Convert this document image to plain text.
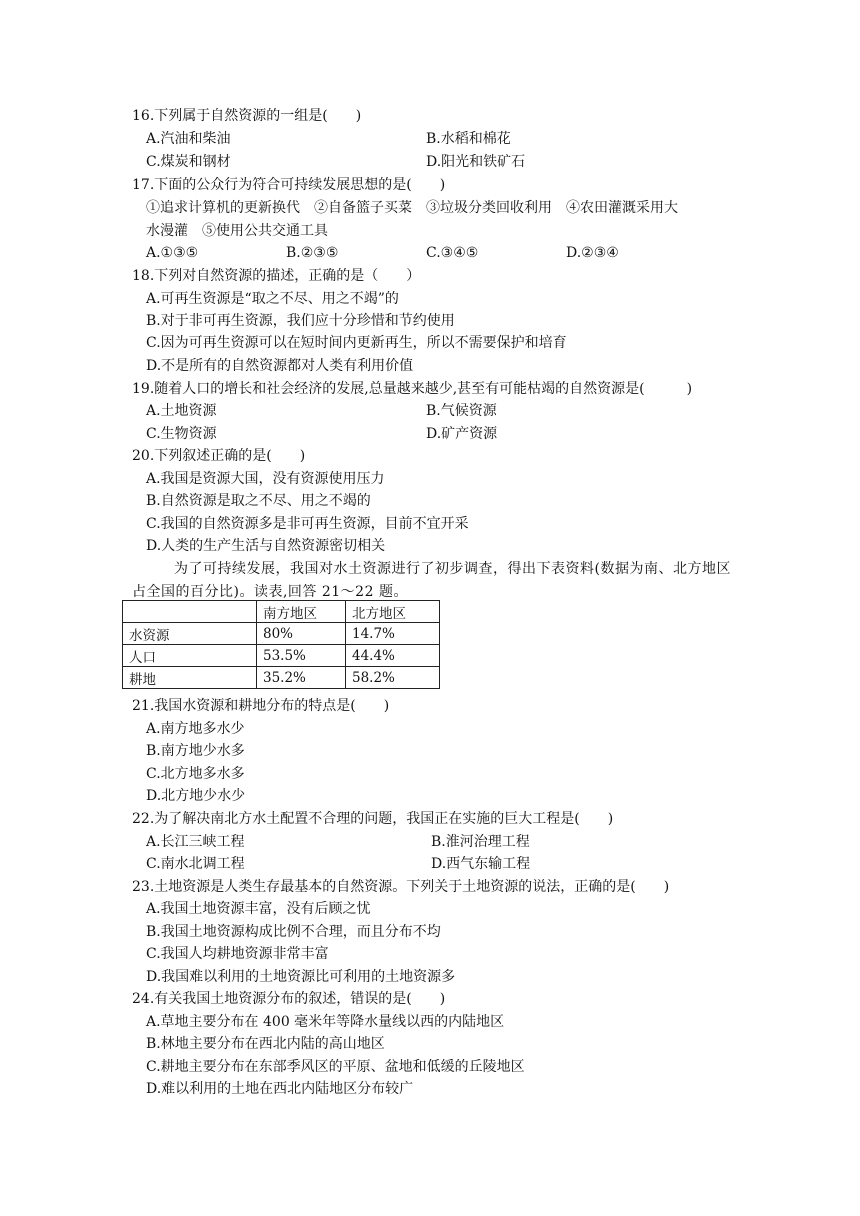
16.下列属于自然资源的一组是(　　)
A.汽油和柴油	B.水稻和棉花
C.煤炭和钢材	D.阳光和铁矿石
17.下面的公众行为符合可持续发展思想的是(　　)
①追求计算机的更新换代　②自备篮子买菜　③垃圾分类回收利用　④农田灌溉采用大
水漫灌　⑤使用公共交通工具
A.①③⑤	B.②③⑤	C.③④⑤	D.②③④
18.下列对自然资源的描述，正确的是（　　）
A.可再生资源是“取之不尽、用之不竭”的
B.对于非可再生资源，我们应十分珍惜和节约使用
C.因为可再生资源可以在短时间内更新再生，所以不需要保护和培育
D.不是所有的自然资源都对人类有利用价值
19.随着人口的增长和社会经济的发展,总量越来越少,甚至有可能枯竭的自然资源是(　　　)
A.土地资源	B.气候资源
C.生物资源	D.矿产资源
20.下列叙述正确的是(　　)
A.我国是资源大国，没有资源使用压力
B.自然资源是取之不尽、用之不竭的
C.我国的自然资源多是非可再生资源，目前不宜开采
D.人类的生产生活与自然资源密切相关
为了可持续发展，我国对水土资源进行了初步调查，得出下表资料(数据为南、北方地区占全国的百分比)。读表,回答 21～22 题。
	南方地区	北方地区
水资源	80%	14.7%
人口	53.5%	44.4%
耕地	35.2%	58.2%
21.我国水资源和耕地分布的特点是(　　)
A.南方地多水少
B.南方地少水多
C.北方地多水多
D.北方地少水少
22.为了解决南北方水土配置不合理的问题，我国正在实施的巨大工程是(　　)
A.长江三峡工程	B.淮河治理工程
C.南水北调工程	D.西气东输工程
23.土地资源是人类生存最基本的自然资源。下列关于土地资源的说法，正确的是(　　)
A.我国土地资源丰富，没有后顾之忧
B.我国土地资源构成比例不合理，而且分布不均
C.我国人均耕地资源非常丰富
D.我国难以利用的土地资源比可利用的土地资源多
24.有关我国土地资源分布的叙述，错误的是(　　)
A.草地主要分布在 400 毫米年等降水量线以西的内陆地区
B.林地主要分布在西北内陆的高山地区
C.耕地主要分布在东部季风区的平原、盆地和低缓的丘陵地区
D.难以利用的土地在西北内陆地区分布较广
